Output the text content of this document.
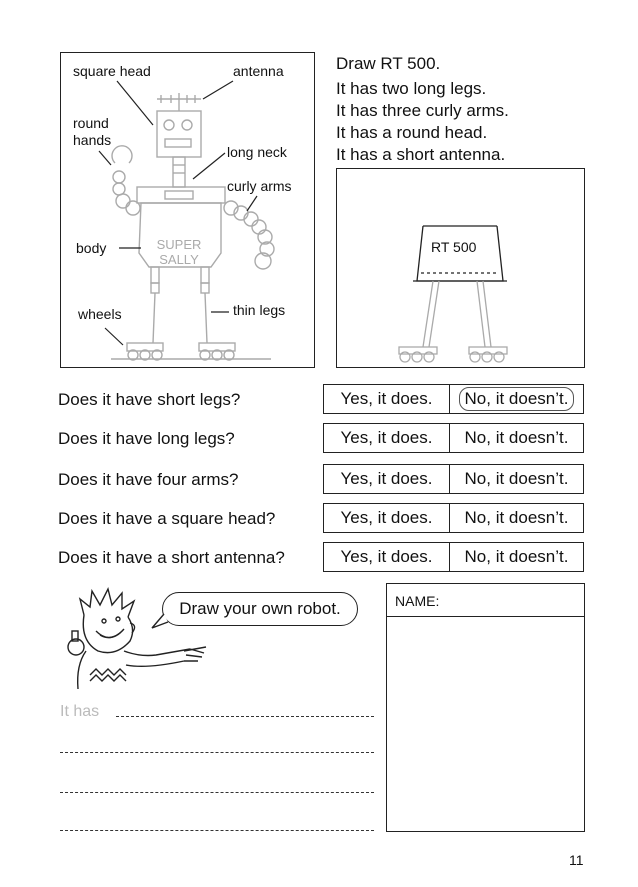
SUPER
SALLY
square head	antenna
round
hands
long neck
curly arms
body
thin legs
wheels
Draw RT 500.
It has two long legs.
It has three curly arms.
It has a round head.
It has a short antenna.
RT 500
Does it have short legs?	Yes, it does.	No, it doesn’t.
Does it have long legs?	Yes, it does. No, it doesn’t.
Does it have four arms?	Yes, it does. No, it doesn’t.
Does it have a square head?	Yes, it does. No, it doesn’t.
Does it have a short antenna?	Yes, it does. No, it doesn’t.
Draw your own robot.
It has
NAME:
11
